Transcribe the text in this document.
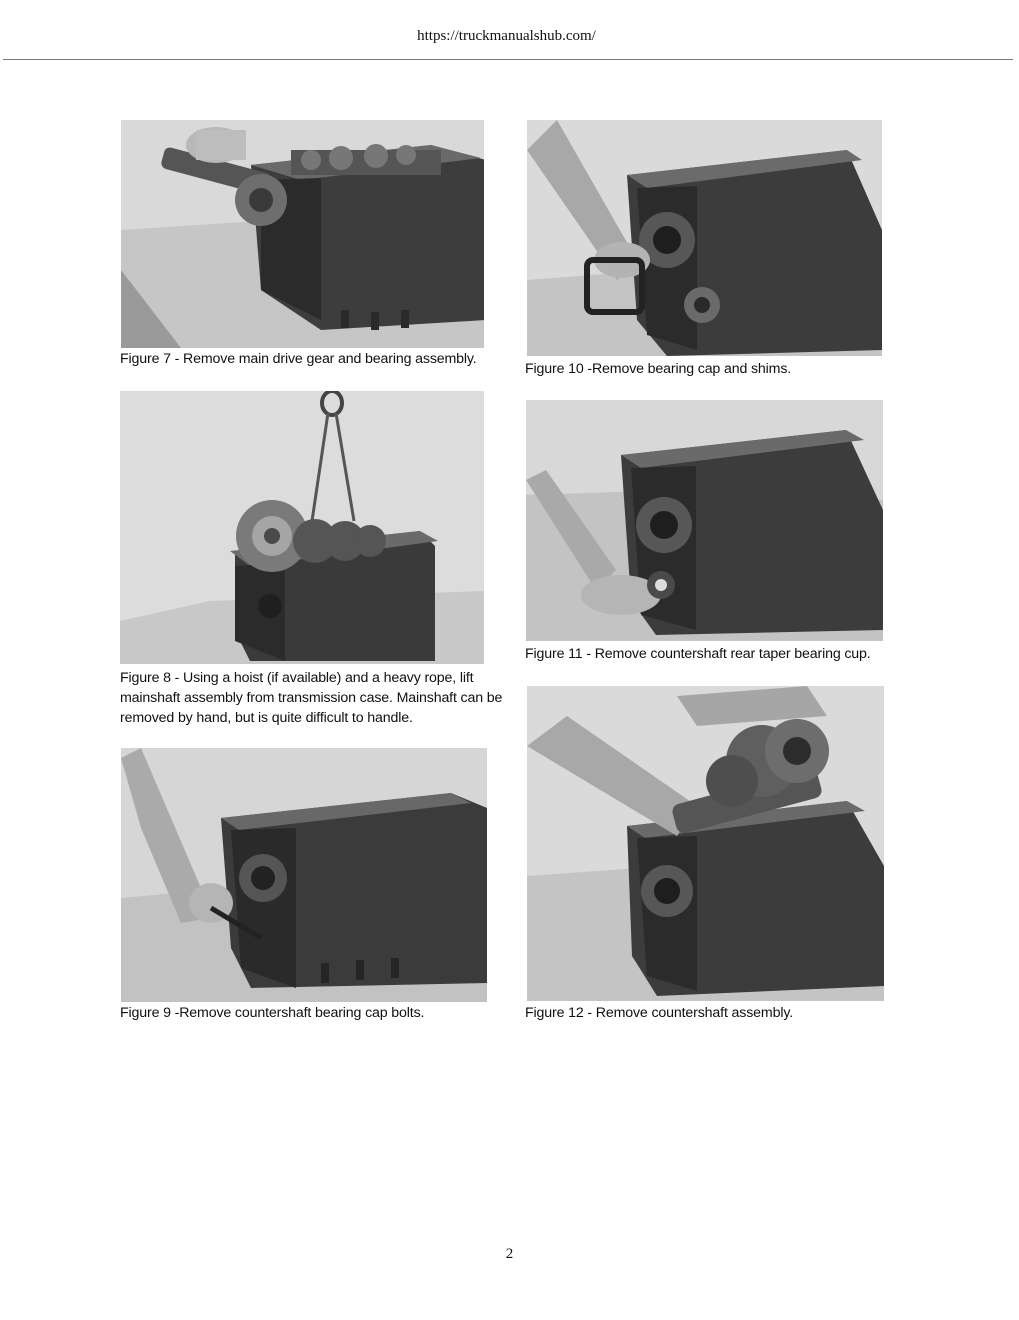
https://truckmanualshub.com/
Figure 7 - Remove main drive gear and bearing assembly.
Figure 8 - Using a hoist (if available) and a heavy rope, lift mainshaft assembly from transmission case. Mainshaft can be removed by hand, but is quite difficult to handle.
Figure 9 -Remove countershaft bearing cap bolts.
Figure 10 -Remove bearing cap and shims.
Figure 11 - Remove countershaft rear taper bearing cup.
Figure 12 - Remove countershaft assembly.
2
